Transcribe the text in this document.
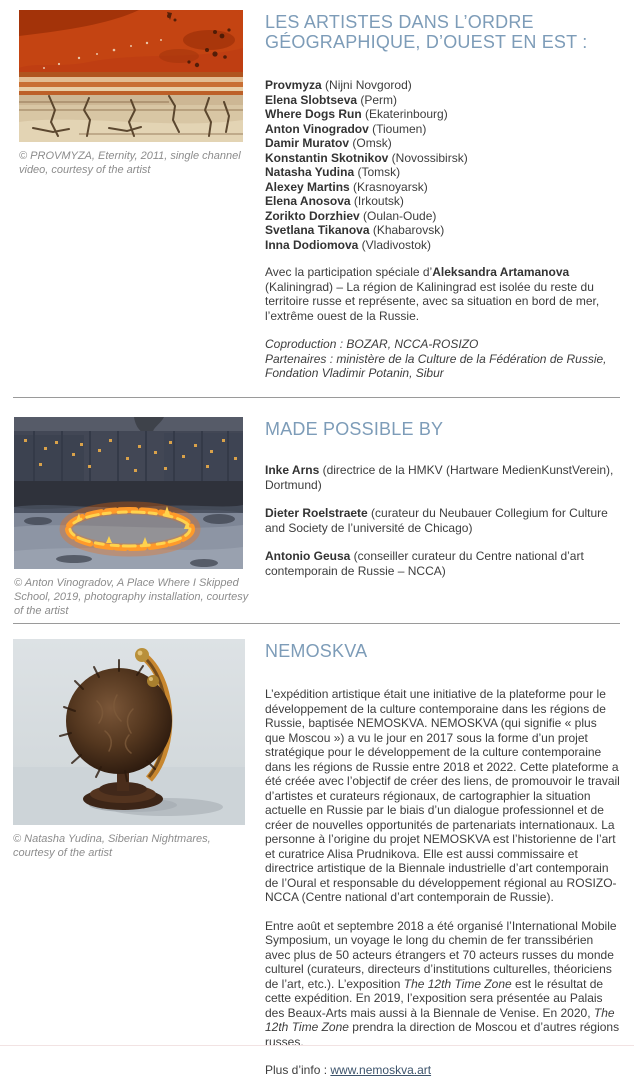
© PROVMYZA, Eternity, 2011, single channel video, courtesy of the artist
LES ARTISTES DANS L’ORDRE GÉOGRAPHIQUE, D’OUEST EN EST :
Provmyza (Nijni Novgorod)
Elena Slobtseva (Perm)
Where Dogs Run (Ekaterinbourg)
Anton Vinogradov (Tioumen)
Damir Muratov (Omsk)
Konstantin Skotnikov (Novossibirsk)
Natasha Yudina (Tomsk)
Alexey Martins (Krasnoyarsk)
Elena Anosova (Irkoutsk)
Zorikto Dorzhiev (Oulan-Oude)
Svetlana Tikanova (Khabarovsk)
Inna Dodiomova (Vladivostok)

Avec la participation spéciale d’Aleksandra Artamanova (Kaliningrad) – La région de Kaliningrad est isolée du reste du territoire russe et représente, avec sa situation en bord de mer, l’extrême ouest de la Russie.

Coproduction : BOZAR, NCCA-ROSIZO
Partenaires : ministère de la Culture de la Fédération de Russie, Fondation Vladimir Potanin, Sibur
© Anton Vinogradov, A Place Where I Skipped School, 2019, photography installation, courtesy of the artist
MADE POSSIBLE BY
Inke Arns (directrice de la HMKV (Hartware MedienKunstVerein), Dortmund)
Dieter Roelstraete (curateur du Neubauer Collegium for Culture and Society de l’université de Chicago)
Antonio Geusa (conseiller curateur du Centre national d’art contemporain de Russie – NCCA)
© Natasha Yudina, Siberian Nightmares, courtesy of the artist
NEMOSKVA

L’expédition artistique était une initiative de la plateforme pour le développement de la culture contemporaine dans les régions de Russie, baptisée NEMOSKVA. NEMOSKVA (qui signifie « plus que Moscou ») a vu le jour en 2017 sous la forme d’un projet stratégique pour le développement de la culture contemporaine dans les régions de Russie entre 2018 et 2022. Cette plateforme a été créée avec l’objectif de créer des liens, de promouvoir le travail d’artistes et curateurs régionaux, de cartographier la situation actuelle en Russie par le biais d’un dialogue professionnel et de créer de nouvelles opportunités de partenariats internationaux. La personne à l’origine du projet NEMOSKVA est l’historienne de l’art et curatrice Alisa Prudnikova. Elle est aussi commissaire et directrice artistique de la Biennale industrielle d’art contemporain de l’Oural et responsable du développement régional au ROSIZO-NCCA (Centre national d’art contemporain de Russie).

Entre août et septembre 2018 a été organisé l’International Mobile Symposium, un voyage le long du chemin de fer transsibérien avec plus de 50 acteurs étrangers et 70 acteurs russes du monde culturel (curateurs, directeurs d’institutions culturelles, théoriciens de l’art, etc.). L’exposition The 12th Time Zone est le résultat de cette expédition. En 2019, l’exposition sera présentée au Palais des Beaux-Arts mais aussi à la Biennale de Venise. En 2020, The 12th Time Zone prendra la direction de Moscou et d’autres régions russes.

Plus d’info : www.nemoskva.art
